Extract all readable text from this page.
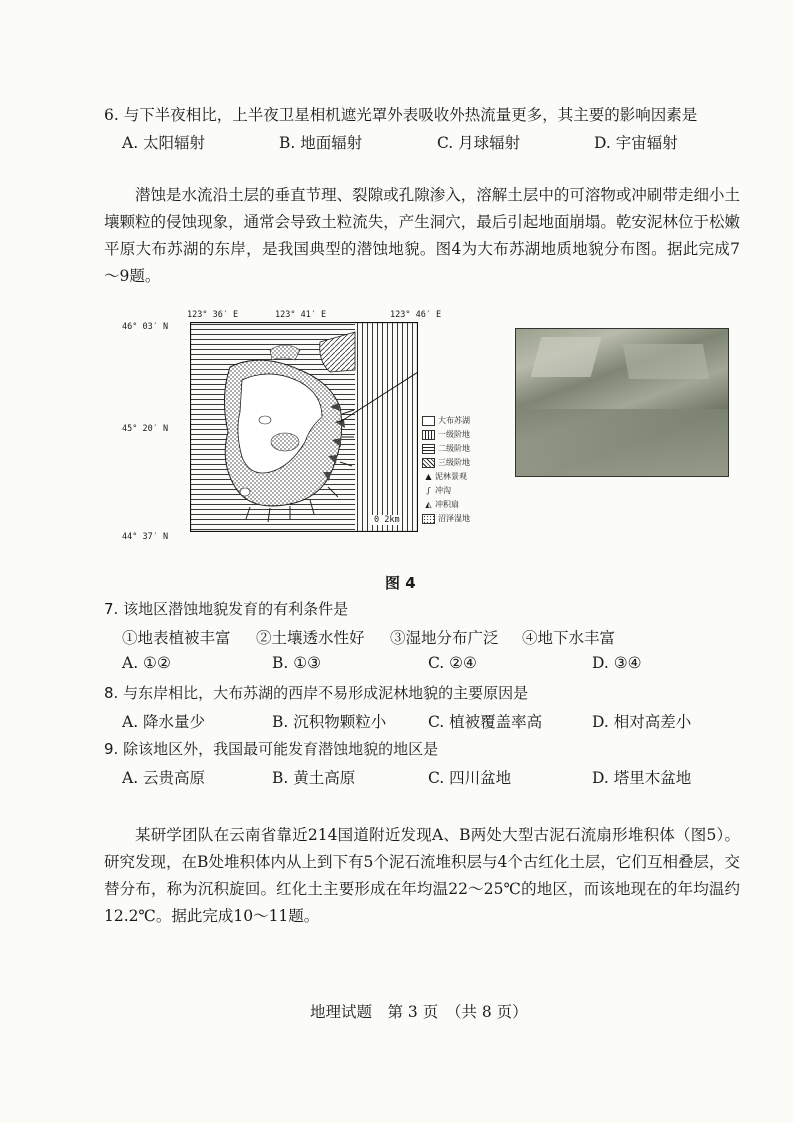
6. 与下半夜相比，上半夜卫星相机遮光罩外表吸收外热流量更多，其主要的影响因素是
A. 太阳辐射	B. 地面辐射	C. 月球辐射	D. 宇宙辐射
潜蚀是水流沿土层的垂直节理、裂隙或孔隙渗入，溶解土层中的可溶物或冲刷带走细小土壤颗粒的侵蚀现象，通常会导致土粒流失，产生洞穴，最后引起地面崩塌。乾安泥林位于松嫩平原大布苏湖的东岸，是我国典型的潜蚀地貌。图4为大布苏湖地质地貌分布图。据此完成7～9题。
123° 36′ E	123° 41′ E	123° 46′ E
46° 03′ N
45° 20′ N
44° 37′ N
0 2km
大布苏湖
一级阶地
二级阶地
三级阶地
▲ 泥林景观
∫ 冲沟
◭ 冲积扇
沼泽湿地
图 4
7. 该地区潜蚀地貌发育的有利条件是
①地表植被丰富 ②土壤透水性好 ③湿地分布广泛 ④地下水丰富
A. ①②	B. ①③	C. ②④	D. ③④
8. 与东岸相比，大布苏湖的西岸不易形成泥林地貌的主要原因是
A. 降水量少	B. 沉积物颗粒小	C. 植被覆盖率高	D. 相对高差小
9. 除该地区外，我国最可能发育潜蚀地貌的地区是
A. 云贵高原	B. 黄土高原	C. 四川盆地	D. 塔里木盆地
某研学团队在云南省靠近214国道附近发现A、B两处大型古泥石流扇形堆积体（图5）。研究发现，在B处堆积体内从上到下有5个泥石流堆积层与4个古红化土层，它们互相叠层，交替分布，称为沉积旋回。红化土主要形成在年均温22～25℃的地区，而该地现在的年均温约12.2℃。据此完成10～11题。
地理试题　第 3 页　（共 8 页）
